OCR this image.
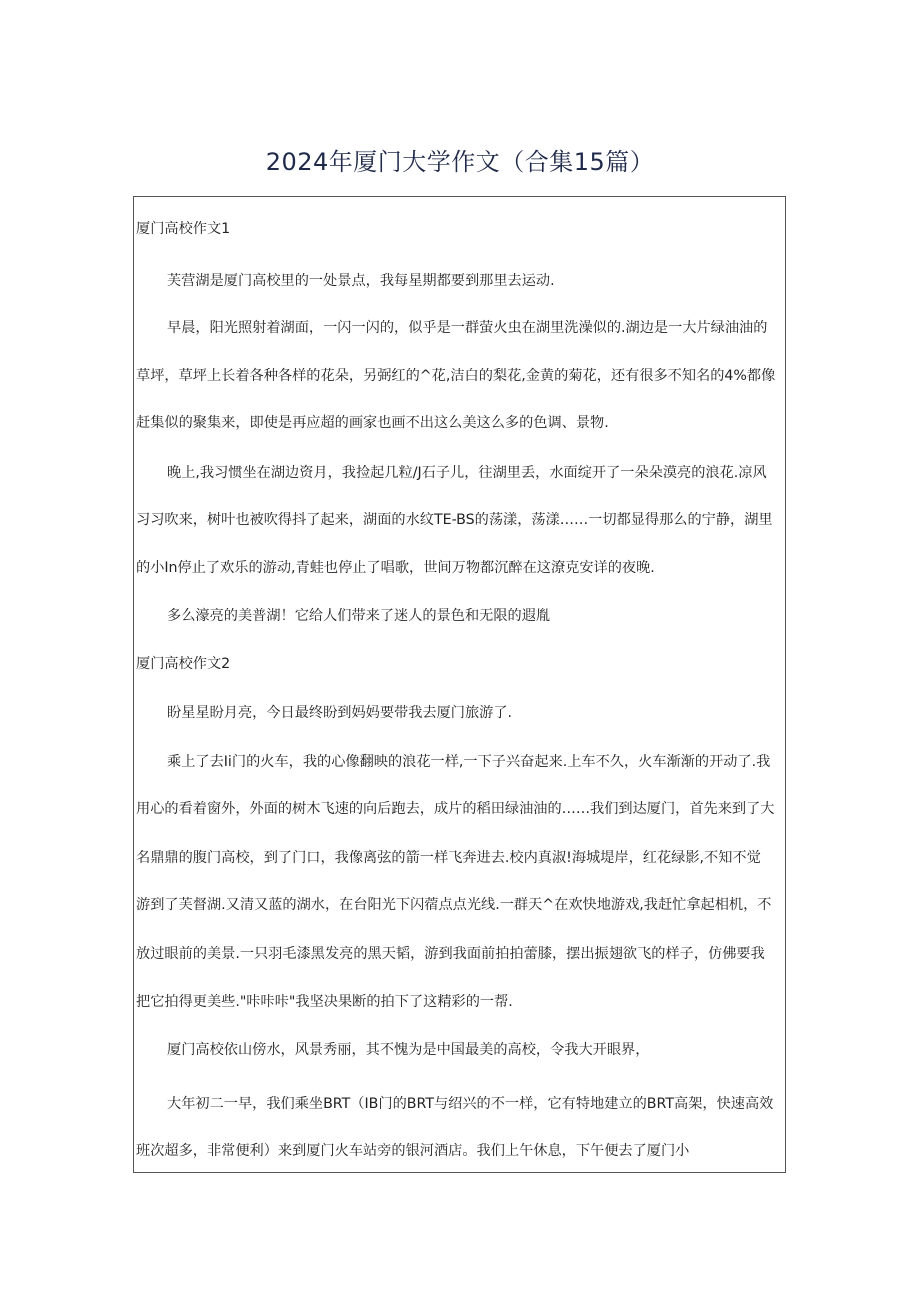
2024年厦门大学作文（合集15篇）

厦门高校作文1

芙营湖是厦门高校里的一处景点，我每星期都要到那里去运动.

早晨，阳光照射着湖面，一闪一闪的，似乎是一群萤火虫在湖里洗澡似的.湖边是一大片绿油油的

草坪，草坪上长着各种各样的花朵，另弼红的^花,洁白的梨花,金黄的菊花，还有很多不知名的4%都像

赶集似的聚集来，即使是再应超的画家也画不出这么美这么多的色调、景物.

晚上,我习惯坐在湖边资月，我捡起几粒/J石子儿，往湖里丢，水面绽开了一朵朵漠亮的浪花.凉风

习习吹来，树叶也被吹得抖了起来，湖面的水纹TE-BS的荡漾，荡漾……一切都显得那么的宁静，湖里

的小In停止了欢乐的游动,青蛙也停止了唱歌，世间万物都沉醉在这潦克安详的夜晚.

多么濠亮的美普湖！它给人们带来了迷人的景色和无限的遐胤

厦门高校作文2

盼星星盼月亮，今日最终盼到妈妈要带我去厦门旅游了.

乘上了去Ii门的火车，我的心像翻映的浪花一样,一下子兴奋起来.上车不久，火车渐渐的开动了.我

用心的看着窗外，外面的树木飞速的向后跑去，成片的稻田绿油油的……我们到达厦门，首先来到了大

名鼎鼎的腹门高校，到了门口，我像离弦的箭一样飞奔进去.校内真淑!海城堤岸，红花绿影,不知不觉

游到了芙督湖.又清又蓝的湖水，在台阳光下闪蓿点点光线.一群天^在欢快地游戏,我赶忙拿起相机，不

放过眼前的美景.一只羽毛漆黑发亮的黑天韬，游到我面前拍拍蕾膝，摆出振翅欲飞的样子，仿佛要我

把它拍得更美些."咔咔咔"我坚决果断的拍下了这精彩的一帮.

厦门高校依山傍水，风景秀丽，其不愧为是中国最美的高校，令我大开眼界，

大年初二一早，我们乘坐BRT（IB门的BRT与绍兴的不一样，它有特地建立的BRT高架，快速高效

班次超多，非常便利）来到厦门火车站旁的银河酒店。我们上午休息，下午便去了厦门小
